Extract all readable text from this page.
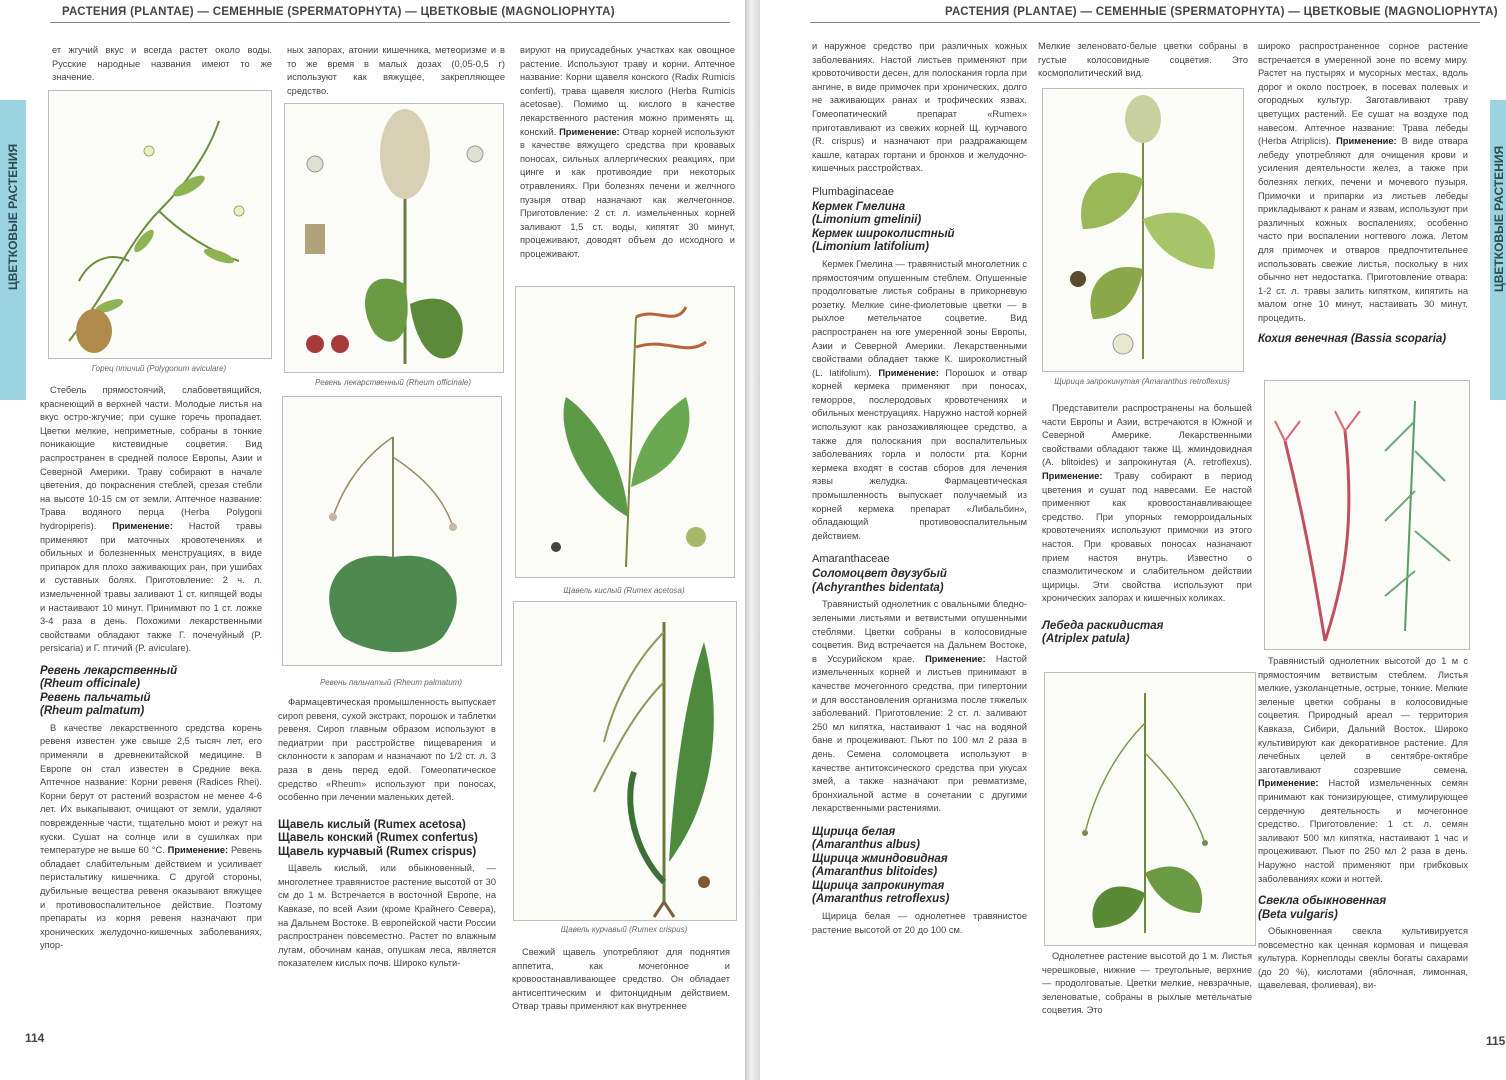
РАСТЕНИЯ (PLANTAE) — СЕМЕННЫЕ (SPERMATOPHYTA) — ЦВЕТКОВЫЕ (MAGNOLIOPHYTA)
ЦВЕТКОВЫЕ РАСТЕНИЯ

ет жгучий вкус и всегда растет около воды. Русские народные названия имеют то же значение.

Горец птичий (Polygonum aviculare)

Стебель прямостоячий, слабоветвящийся, краснеющий в верхней части. Молодые листья на вкус остро-жгучие; при сушке горечь пропадает. Цветки мелкие, неприметные, собраны в тонкие поникающие кистевидные соцветия. Вид распространен в средней полосе Европы, Азии и Северной Америки. Траву собирают в начале цветения, до покраснения стеблей, срезая стебли на высоте 10-15 см от земли. Аптечное название: Трава водяного перца (Herba Polygoni hydropiperis). Применение: Настой травы применяют при маточных кровотечениях и обильных и болезненных менструациях, в виде припарок для плохо заживающих ран, при ушибах и суставных болях. Приготовление: 2 ч. л. измельченной травы заливают 1 ст. кипящей воды и настаивают 10 минут. Принимают по 1 ст. ложке 3-4 раза в день. Похожими лекарственными свойствами обладают также Г. почечуйный (P. persicaria) и Г. птичий (P. aviculare).

Ревень лекарственный
(Rheum officinale)
Ревень пальчатый
(Rheum palmatum)

В качестве лекарственного средства корень ревеня известен уже свыше 2,5 тысяч лет, его применяли в древнекитайской медицине. В Европе он стал известен в Средние века. Аптечное название: Корни ревеня (Radices Rhei). Корни берут от растений возрастом не менее 4-6 лет. Их выкапывают, очищают от земли, удаляют поврежденные части, тщательно моют и режут на куски. Сушат на солнце или в сушилках при температуре не выше 60 °С. Применение: Ревень обладает слабительным действием и усиливает перистальтику кишечника. С другой стороны, дубильные вещества ревеня оказывают вяжущее и противовоспалительное действие. Поэтому препараты из корня ревеня назначают при хронических желудочно-кишечных заболеваниях, упор-

ных запорах, атонии кишечника, метеоризме и в то же время в малых дозах (0,05-0,5 г) используют как вяжущее, закрепляющее средство.

Ревень лекарственный (Rheum officinale)
Ревень пальчатый (Rheum palmatum)

Фармацевтическая промышленность выпускает сироп ревеня, сухой экстракт, порошок и таблетки ревеня. Сироп главным образом используют в педиатрии при расстройстве пищеварения и склонности к запорам и назначают по 1/2 ст. л. 3 раза в день перед едой. Гомеопатическое средство «Rheum» используют при поносах, особенно при лечении маленьких детей.

Щавель кислый (Rumex acetosa)
Щавель конский (Rumex confertus)
Щавель курчавый (Rumex crispus)

Щавель кислый, или обыкновенный, — многолетнее травянистое растение высотой от 30 см до 1 м. Встречается в восточной Европе, на Кавказе, по всей Азии (кроме Крайнего Севера), на Дальнем Востоке. В европейской части России распространен повсеместно. Растет по влажным лугам, обочинам канав, опушкам леса, является показателем кислых почв. Широко культи-

вируют на приусадебных участках как овощное растение. Используют траву и корни. Аптечное название: Корни щавеля конского (Radix Rumicis conferti), трава щавеля кислого (Herba Rumicis acetosae). Помимо щ. кислого в качестве лекарственного растения можно применять щ. конский. Применение: Отвар корней используют в качестве вяжущего средства при кровавых поносах, сильных аллергических реакциях, при цинге и как противоядие при некоторых отравлениях. При болезнях печени и желчного пузыря отвар назначают как желчегонное. Приготовление: 2 ст. л. измельченных корней заливают 1,5 ст. воды, кипятят 30 минут, процеживают, доводят объем до исходного и процеживают.

Щавель кислый (Rumex acetosa)
Щавель курчавый (Rumex crispus)

Свежий щавель употребляют для поднятия аппетита, как мочегонное и кровоостанавливающее средство. Он обладает антисептическим и фитонцидным действием. Отвар травы применяют как внутреннее

114
РАСТЕНИЯ (PLANTAE) — СЕМЕННЫЕ (SPERMATOPHYTA) — ЦВЕТКОВЫЕ (MAGNOLIOPHYTA)
ЦВЕТКОВЫЕ РАСТЕНИЯ

и наружное средство при различных кожных заболеваниях. Настой листьев применяют при кровоточивости десен, для полоскания горла при ангине, в виде примочек при хронических, долго не заживающих ранах и трофических язвах. Гомеопатический препарат «Rumex» приготавливают из свежих корней Щ. курчавого (R. crispus) и назначают при раздражающем кашле, катарах гортани и бронхов и желудочно-кишечных расстройствах.

Plumbaginaceae
Кермек Гмелина
(Limonium gmelinii)
Кермек широколистный
(Limonium latifolium)

Кермек Гмелина — травянистый многолетник с прямостоячим опушенным стеблем. Опушенные продолговатые листья собраны в прикорневую розетку. Мелкие сине-фиолетовые цветки — в рыхлое метельчатое соцветие. Вид распространен на юге умеренной зоны Европы, Азии и Северной Америки. Лекарственными свойствами обладает также К. широколистный (L. latifolium). Применение: Порошок и отвар корней кермека применяют при поносах, геморрое, послеродовых кровотечениях и обильных менструациях. Наружно настой корней используют как ранозаживляющее средство, а также для полоскания при воспалительных заболеваниях горла и полости рта. Корни кермека входят в состав сборов для лечения язвы желудка. Фармацевтическая промышленность выпускает получаемый из корней кермека препарат «Либальбин», обладающий противовоспалительным действием.

Amaranthaceae
Соломоцвет двузубый
(Achyranthes bidentata)

Травянистый однолетник с овальными бледно-зелеными листьями и ветвистыми опушенными стеблями. Цветки собраны в колосовидные соцветия. Вид встречается на Дальнем Востоке, в Уссурийском крае. Применение: Настой измельченных корней и листьев принимают в качестве мочегонного средства, при гипертонии и для восстановления организма после тяжелых заболеваний. Приготовление: 2 ст. л. заливают 250 мл кипятка, настаивают 1 час на водяной бане и процеживают. Пьют по 100 мл 2 раза в день. Семена соломоцвета используют в качестве антитоксического средства при укусах змей, а также назначают при ревматизме, бронхиальной астме в сочетании с другими лекарственными растениями.

Щирица белая
(Amaranthus albus)
Щирица жминдовидная
(Amaranthus blitoides)
Щирица запрокинутая
(Amaranthus retroflexus)

Щирица белая — однолетнее травянистое растение высотой от 20 до 100 см.

Мелкие зеленовато-белые цветки собраны в густые колосовидные соцветия. Это космополитический вид.

Щирица запрокинутая (Amaranthus retroflexus)

Представители распространены на большей части Европы и Азии, встречаются в Южной и Северной Америке. Лекарственными свойствами обладают также Щ. жминдовидная (A. blitoides) и запрокинутая (A. retroflexus). Применение: Траву собирают в период цветения и сушат под навесами. Ее настой применяют как кровоостанавливающее средство. При упорных геморроидальных кровотечениях используют примочки из этого настоя. При кровавых поносах назначают прием настоя внутрь. Известно о спазмолитическом и слабительном действии щирицы. Эти свойства используют при хронических запорах и кишечных коликах.

Лебеда раскидистая
(Atriplex patula)

Однолетнее растение высотой до 1 м. Листья черешковые, нижние — треугольные, верхние — продолговатые. Цветки мелкие, невзрачные, зеленоватые, собраны в рыхлые метельчатые соцветия. Это

широко распространенное сорное растение встречается в умеренной зоне по всему миру. Растет на пустырях и мусорных местах, вдоль дорог и около построек, в посевах полевых и огородных культур. Заготавливают траву цветущих растений. Ее сушат на воздухе под навесом. Аптечное название: Трава лебеды (Herba Atriplicis). Применение: В виде отвара лебеду употребляют для очищения крови и усиления деятельности желез, а также при болезнях легких, печени и мочевого пузыря. Примочки и припарки из листьев лебеды прикладывают к ранам и язвам, используют при различных кожных воспалениях, особенно часто при воспалении ногтевого ложа. Летом для примочек и отваров предпочтительнее использовать свежие листья, поскольку в них обычно нет недостатка. Приготовление отвара: 1-2 ст. л. травы залить кипятком, кипятить на малом огне 10 минут, настаивать 30 минут, процедить.

Кохия венечная (Bassia scoparia)

Травянистый однолетник высотой до 1 м с прямостоячим ветвистым стеблем. Листья мелкие, узколанцетные, острые, тонкие. Мелкие зеленые цветки собраны в колосовидные соцветия. Природный ареал — территория Кавказа, Сибири, Дальний Восток. Широко культивируют как декоративное растение. Для лечебных целей в сентябре-октябре заготавливают созревшие семена. Применение: Настой измельченных семян принимают как тонизирующее, стимулирующее сердечную деятельность и мочегонное средство. Приготовление: 1 ст. л. семян заливают 500 мл кипятка, настаивают 1 час и процеживают. Пьют по 250 мл 2 раза в день. Наружно настой применяют при грибковых заболеваниях кожи и ногтей.

Свекла обыкновенная
(Beta vulgaris)

Обыкновенная свекла культивируется повсеместно как ценная кормовая и пищевая культура. Корнеплоды свеклы богаты сахарами (до 20 %), кислотами (яблочная, лимонная, щавелевая, фолиевая), ви-

115
